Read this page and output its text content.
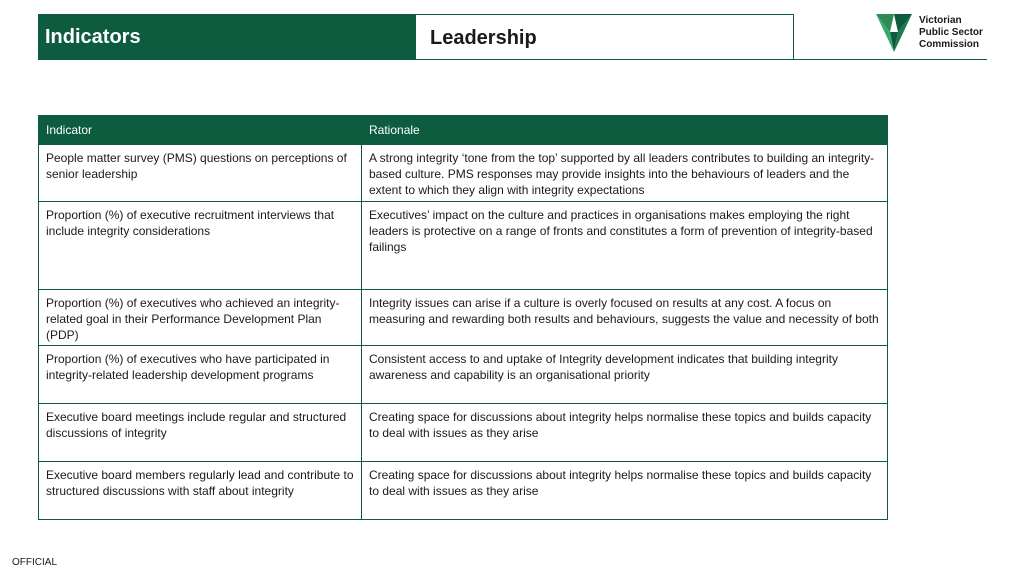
Indicators	Leadership
Victorian
Public Sector
Commission
Indicator	Rationale
People matter survey (PMS) questions on perceptions of senior leadership	A strong integrity ‘tone from the top’ supported by all leaders contributes to building an integrity-based culture. PMS responses may provide insights into the behaviours of leaders and the extent to which they align with integrity expectations
Proportion (%) of executive recruitment interviews that include integrity considerations	Executives’ impact on the culture and practices in organisations makes employing the right leaders is protective on a range of fronts and constitutes a form of prevention of integrity-based failings
Proportion (%) of executives who achieved an integrity-related goal in their Performance Development Plan (PDP)	Integrity issues can arise if a culture is overly focused on results at any cost. A focus on measuring and rewarding both results and behaviours, suggests the value and necessity of both
Proportion (%) of executives who have participated in integrity-related leadership development programs	Consistent access to and uptake of Integrity development indicates that building integrity awareness and capability is an organisational priority
Executive board meetings include regular and structured discussions of integrity	Creating space for discussions about integrity helps normalise these topics and builds capacity to deal with issues as they arise
Executive board members regularly lead and contribute to structured discussions with staff about integrity	Creating space for discussions about integrity helps normalise these topics and builds capacity to deal with issues as they arise
OFFICIAL
